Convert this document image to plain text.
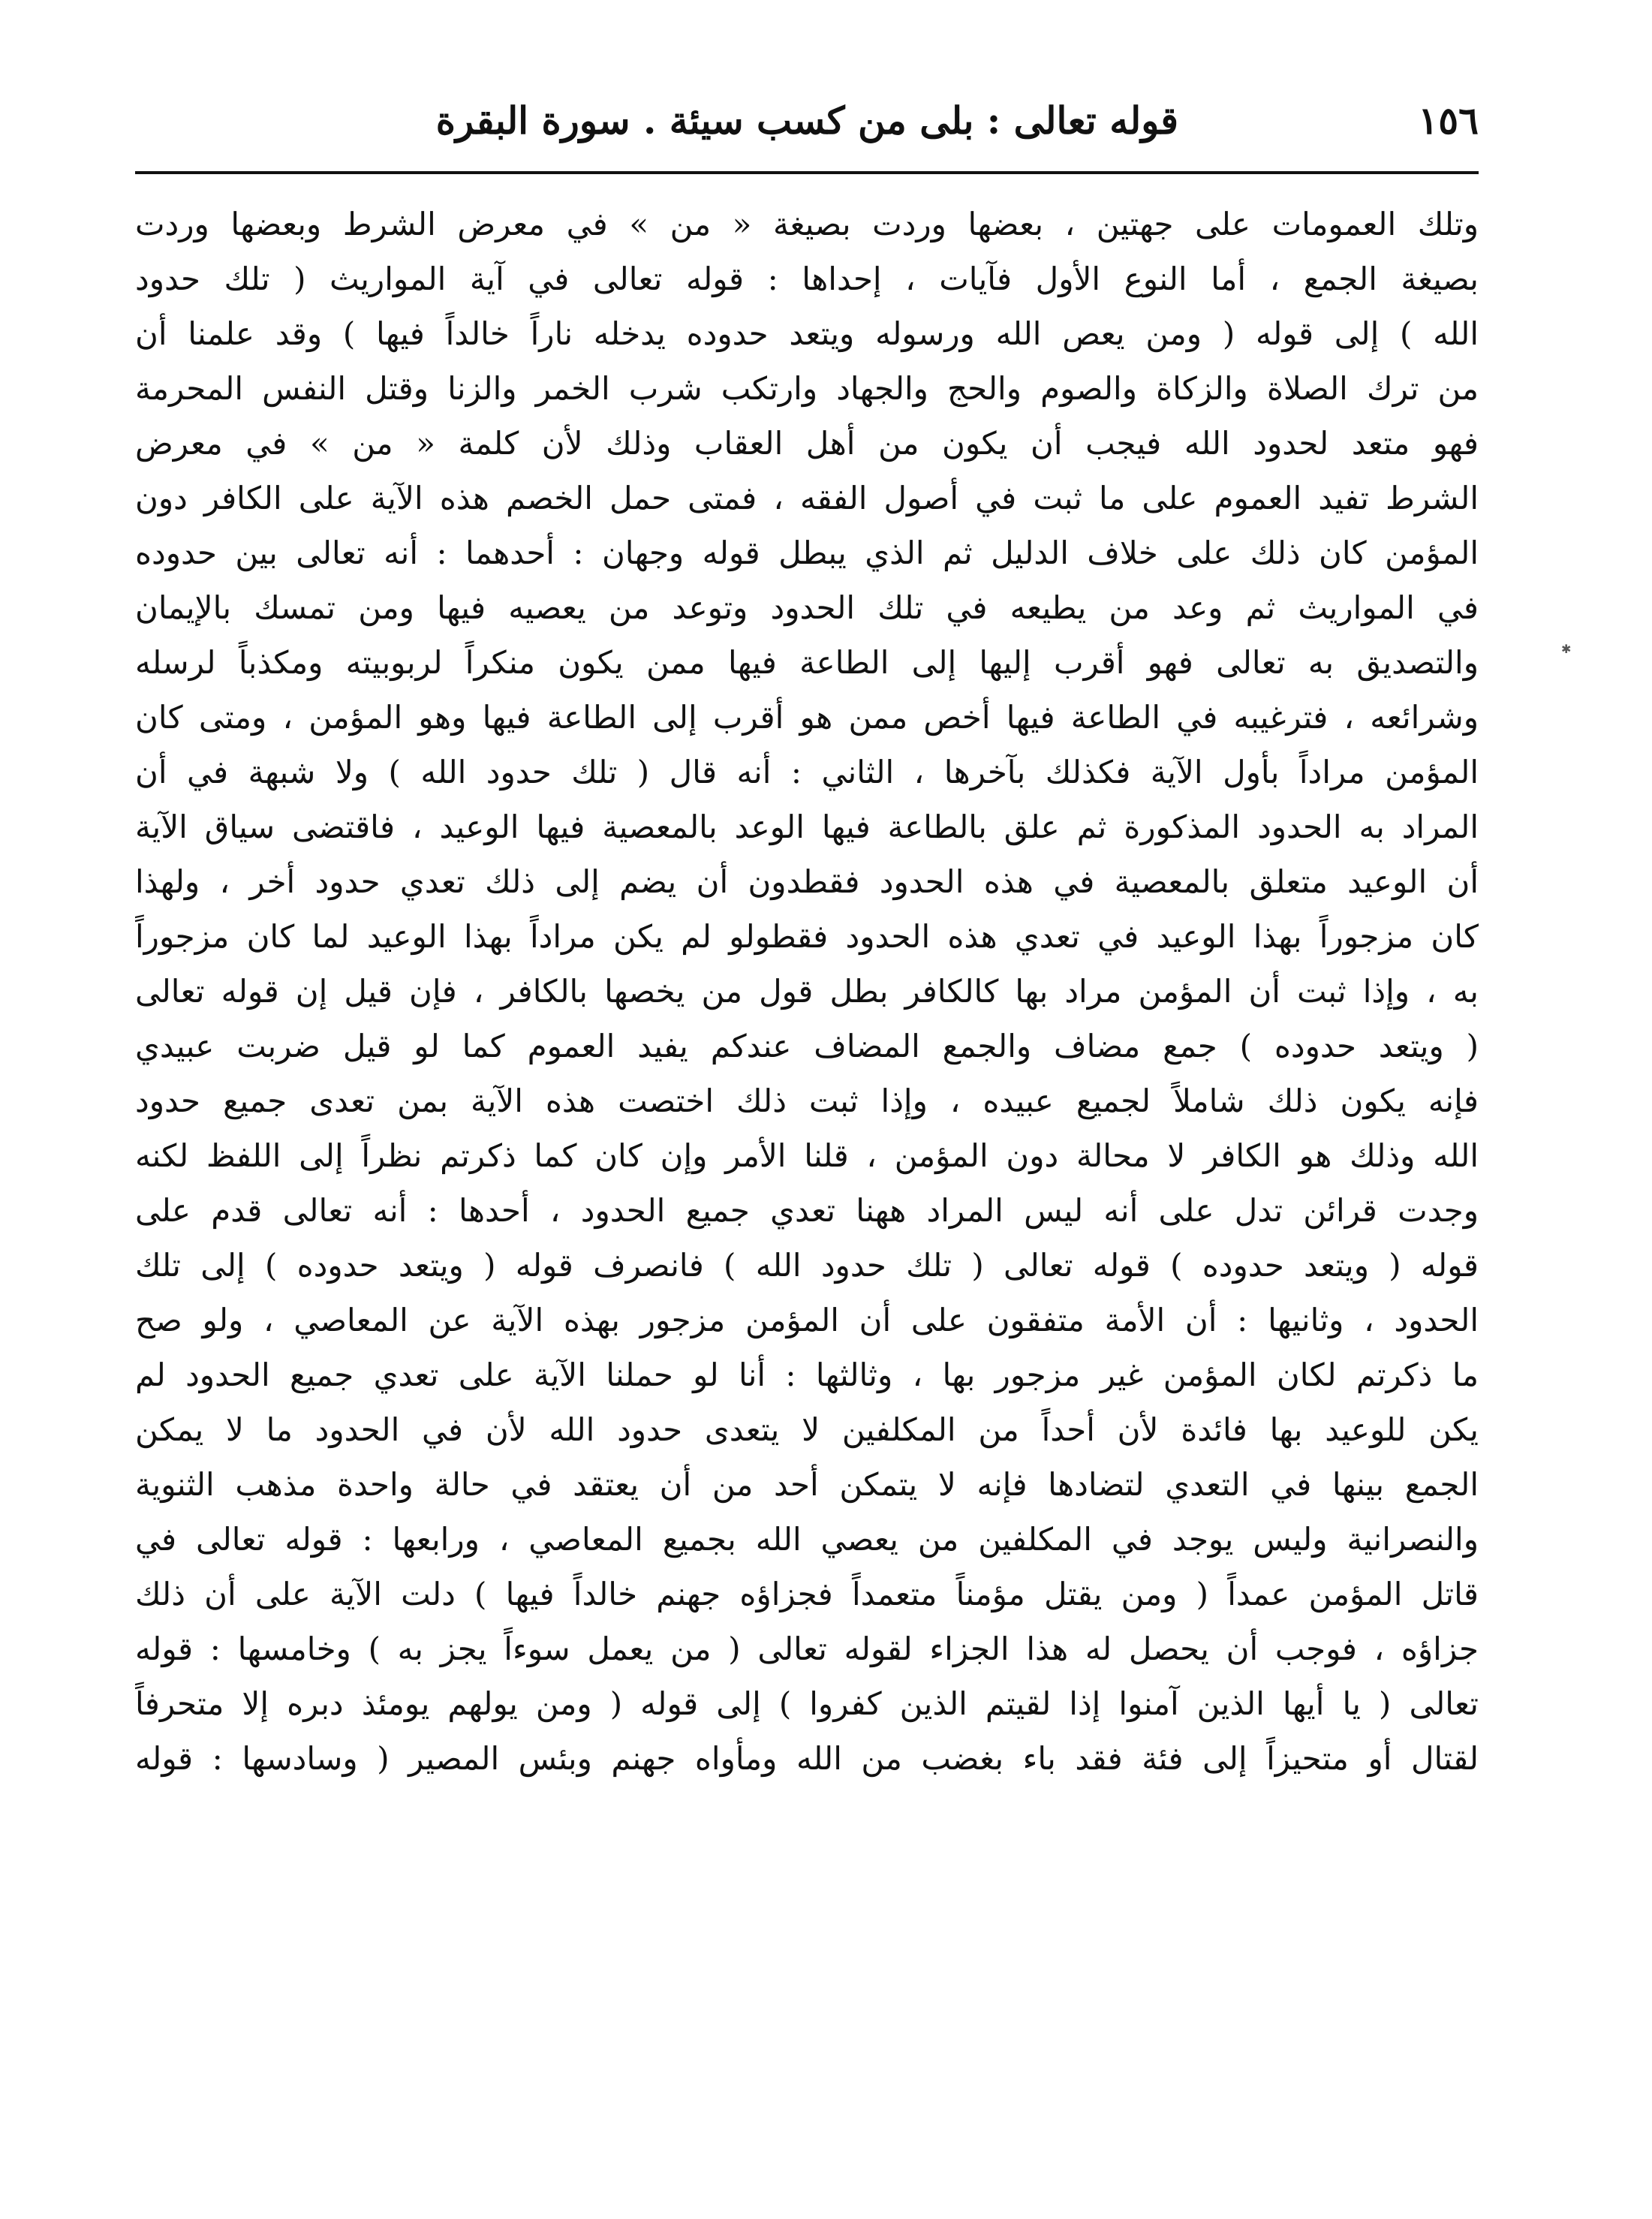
١٥٦
قوله تعالى : بلى من كسب سيئة . سورة البقرة
وتلك العمومات على جهتين ، بعضها وردت بصيغة « من » في معرض الشرط وبعضها وردت
بصيغة الجمع ، أما النوع الأول فآيات ، إحداها : قوله تعالى في آية المواريث ( تلك حدود
الله ) إلى قوله ( ومن يعص الله ورسوله ويتعد حدوده يدخله ناراً خالداً فيها ) وقد علمنا أن
من ترك الصلاة والزكاة والصوم والحج والجهاد وارتكب شرب الخمر والزنا وقتل النفس المحرمة
فهو متعد لحدود الله فيجب أن يكون من أهل العقاب وذلك لأن كلمة « من » في معرض
الشرط تفيد العموم على ما ثبت في أصول الفقه ، فمتى حمل الخصم هذه الآية على الكافر دون
المؤمن كان ذلك على خلاف الدليل ثم الذي يبطل قوله وجهان : أحدهما : أنه تعالى بين حدوده
في المواريث ثم وعد من يطيعه في تلك الحدود وتوعد من يعصيه فيها ومن تمسك بالإيمان
والتصديق به تعالى فهو أقرب إليها إلى الطاعة فيها ممن يكون منكراً لربوبيته ومكذباً لرسله
وشرائعه ، فترغيبه في الطاعة فيها أخص ممن هو أقرب إلى الطاعة فيها وهو المؤمن ، ومتى كان
المؤمن مراداً بأول الآية فكذلك بآخرها ، الثاني : أنه قال ( تلك حدود الله ) ولا شبهة في أن
المراد به الحدود المذكورة ثم علق بالطاعة فيها الوعد بالمعصية فيها الوعيد ، فاقتضى سياق الآية
أن الوعيد متعلق بالمعصية في هذه الحدود فقطدون أن يضم إلى ذلك تعدي حدود أخر ، ولهذا
كان مزجوراً بهذا الوعيد في تعدي هذه الحدود فقطولو لم يكن مراداً بهذا الوعيد لما كان مزجوراً
به ، وإذا ثبت أن المؤمن مراد بها كالكافر بطل قول من يخصها بالكافر ، فإن قيل إن قوله تعالى
( ويتعد حدوده ) جمع مضاف والجمع المضاف عندكم يفيد العموم كما لو قيل ضربت عبيدي
فإنه يكون ذلك شاملاً لجميع عبيده ، وإذا ثبت ذلك اختصت هذه الآية بمن تعدى جميع حدود
الله وذلك هو الكافر لا محالة دون المؤمن ، قلنا الأمر وإن كان كما ذكرتم نظراً إلى اللفظ لكنه
وجدت قرائن تدل على أنه ليس المراد ههنا تعدي جميع الحدود ، أحدها : أنه تعالى قدم على
قوله ( ويتعد حدوده ) قوله تعالى ( تلك حدود الله ) فانصرف قوله ( ويتعد حدوده ) إلى تلك
الحدود ، وثانيها : أن الأمة متفقون على أن المؤمن مزجور بهذه الآية عن المعاصي ، ولو صح
ما ذكرتم لكان المؤمن غير مزجور بها ، وثالثها : أنا لو حملنا الآية على تعدي جميع الحدود لم
يكن للوعيد بها فائدة لأن أحداً من المكلفين لا يتعدى حدود الله لأن في الحدود ما لا يمكن
الجمع بينها في التعدي لتضادها فإنه لا يتمكن أحد من أن يعتقد في حالة واحدة مذهب الثنوية
والنصرانية وليس يوجد في المكلفين من يعصي الله بجميع المعاصي ، ورابعها : قوله تعالى في
قاتل المؤمن عمداً ( ومن يقتل مؤمناً متعمداً فجزاؤه جهنم خالداً فيها ) دلت الآية على أن ذلك
جزاؤه ، فوجب أن يحصل له هذا الجزاء لقوله تعالى ( من يعمل سوءاً يجز به ) وخامسها : قوله
تعالى ( يا أيها الذين آمنوا إذا لقيتم الذين كفروا ) إلى قوله ( ومن يولهم يومئذ دبره إلا متحرفاً
لقتال أو متحيزاً إلى فئة فقد باء بغضب من الله ومأواه جهنم وبئس المصير ( وسادسها : قوله
✱
